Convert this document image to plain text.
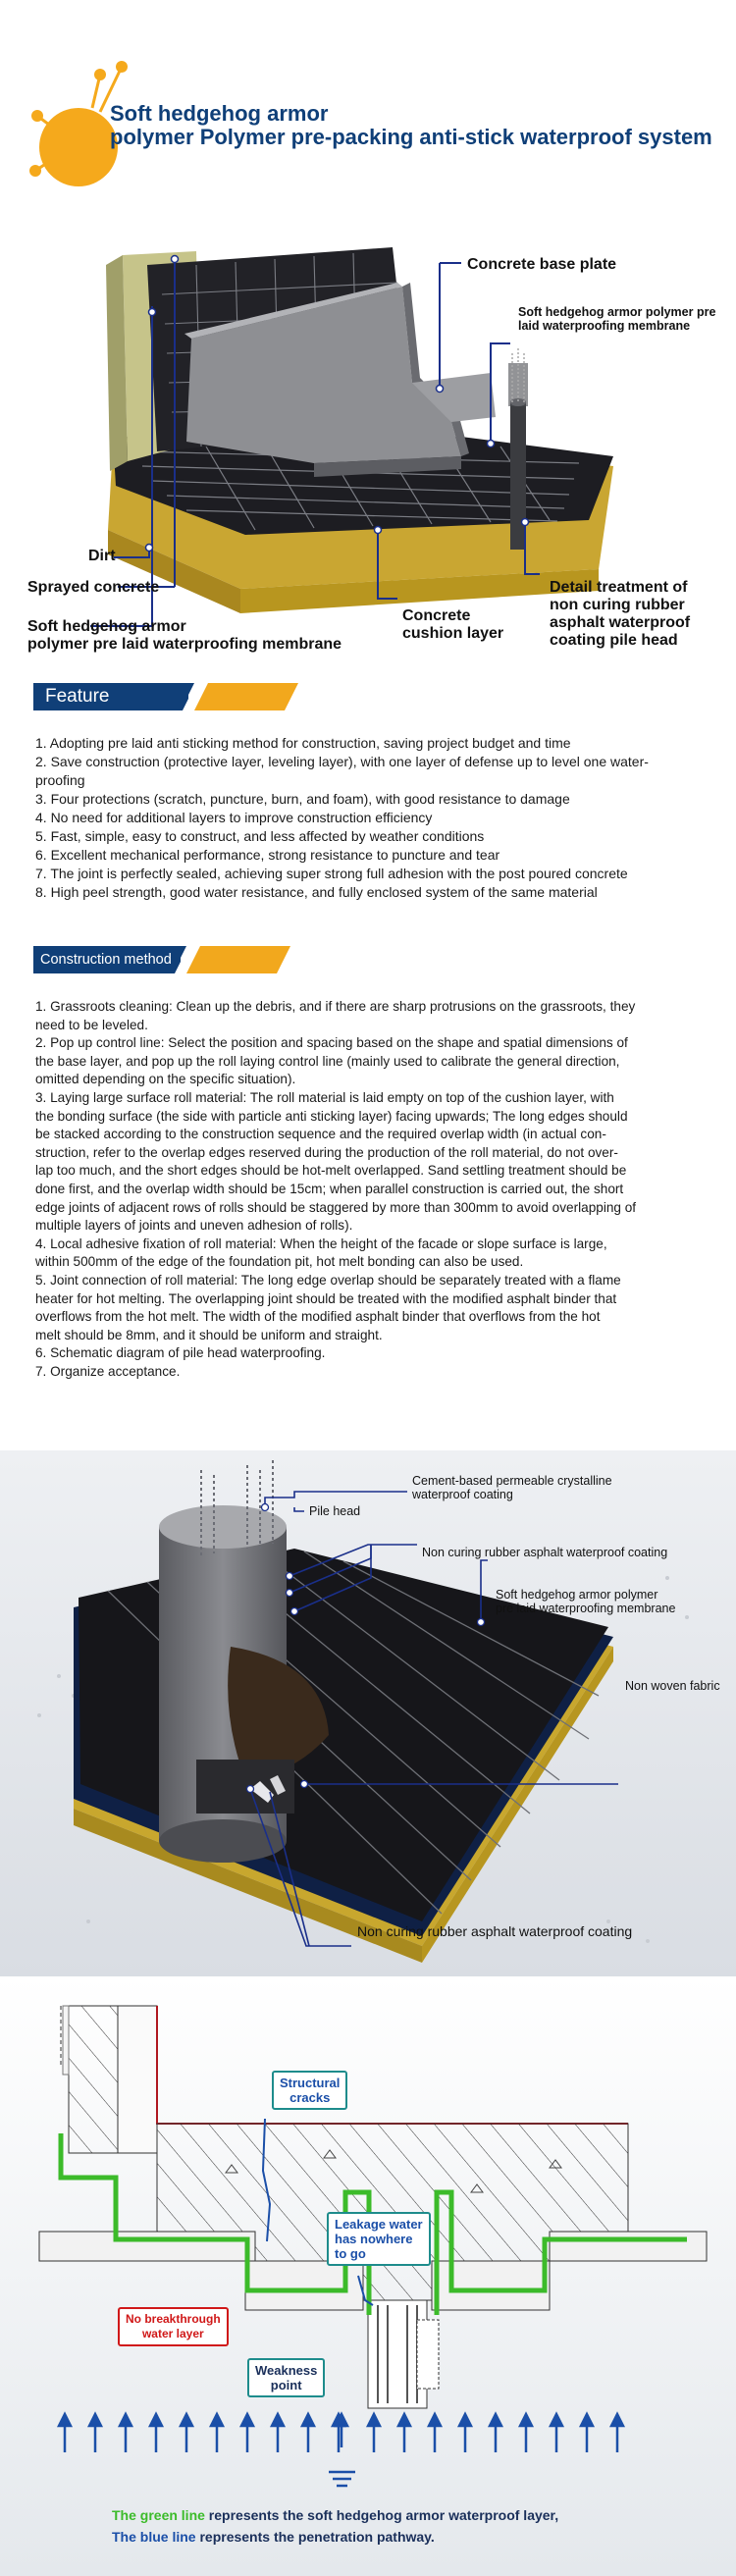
Soft hedgehog armor
polymer Polymer pre-packing anti-stick waterproof system
Concrete base plate
Soft hedgehog armor polymer pre laid waterproofing membrane
Dirt
Sprayed concrete
Soft hedgehog armor
polymer pre laid waterproofing membrane
Concrete
cushion layer
Detail treatment of
non curing rubber
asphalt waterproof
coating pile head
Feature
1. Adopting pre laid anti sticking method for construction, saving project budget and time
2. Save construction (protective layer, leveling layer), with one layer of defense up to level one water-
proofing
3. Four protections (scratch, puncture, burn, and foam), with good resistance to damage
4. No need for additional layers to improve construction efficiency
5. Fast, simple, easy to construct, and less affected by weather conditions
6. Excellent mechanical performance, strong resistance to puncture and tear
7. The joint is perfectly sealed, achieving super strong full adhesion with the post poured concrete
8. High peel strength, good water resistance, and fully enclosed system of the same material
Construction method
1. Grassroots cleaning: Clean up the debris, and if there are sharp protrusions on the grassroots, they
need to be leveled.
2. Pop up control line: Select the position and spacing based on the shape and spatial dimensions of
the base layer, and pop up the roll laying control line (mainly used to calibrate the general direction,
omitted depending on the specific situation).
3. Laying large surface roll material: The roll material is laid empty on top of the cushion layer, with
the bonding surface (the side with particle anti sticking layer) facing upwards; The long edges should
be stacked according to the construction sequence and the required overlap width (in actual con-
struction, refer to the overlap edges reserved during the production of the roll material, do not over-
lap too much, and the short edges should be hot-melt overlapped. Sand settling treatment should be
done first, and the overlap width should be 15cm; when parallel construction is carried out, the short
edge joints of adjacent rows of rolls should be staggered by more than 300mm to avoid overlapping of
multiple layers of joints and uneven adhesion of rolls).
4. Local adhesive fixation of roll material: When the height of the facade or slope surface is large,
within 500mm of the edge of the foundation pit, hot melt bonding can also be used.
5. Joint connection of roll material: The long edge overlap should be separately treated with a flame
heater for hot melting. The overlapping joint should be treated with the modified asphalt binder that
overflows from the hot melt. The width of the modified asphalt binder that overflows from the hot
melt should be 8mm, and it should be uniform and straight.
6. Schematic diagram of pile head waterproofing.
7. Organize acceptance.
Cement-based permeable crystalline
waterproof coating
Pile head
Non curing rubber asphalt waterproof coating
Soft hedgehog armor polymer
pre laid waterproofing membrane
Non woven fabric
Non curing rubber asphalt waterproof coating
Structural
cracks
Leakage water
has nowhere
to go
No breakthrough
water layer
Weakness
point
The green line represents the soft hedgehog armor waterproof layer,
The blue line represents the penetration pathway.
